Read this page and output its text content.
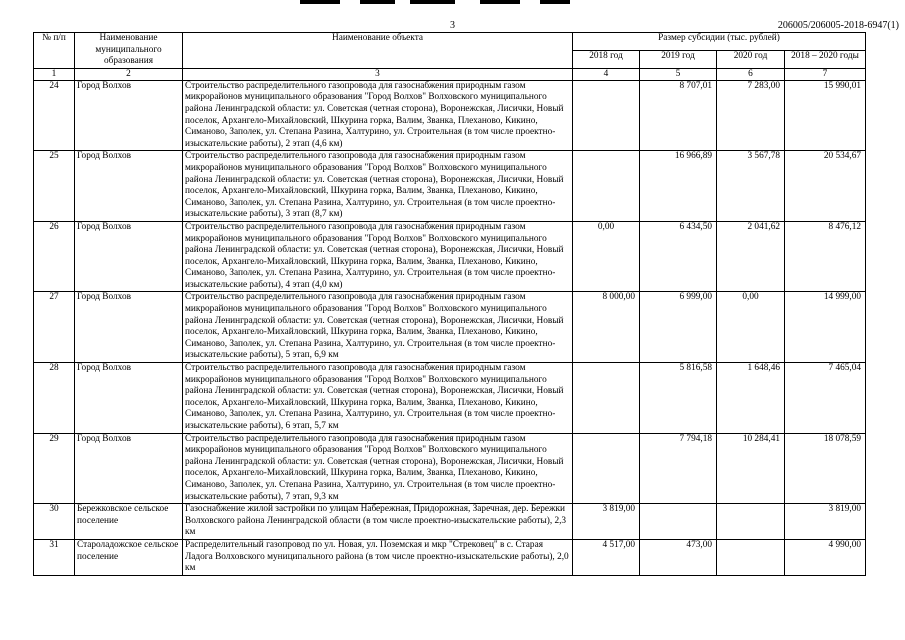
3	206005/206005-2018-6947(1)
№ п/п	Наименование муниципального образования	Наименование объекта	Размер субсидии (тыс. рублей)			
			2018 год	2019 год	2020 год	2018 – 2020 годы
1	2	3	4	5	6	7
24	Город Волхов	Строительство распределительного газопровода для газоснабжения природным газом микрорайонов муниципального образования "Город Волхов" Волховского муниципального района Ленинградской области: ул. Советская (четная сторона), Воронежская, Лисички, Новый поселок, Архангело-Михайловский, Шкурина горка, Валим, Званка, Плеханово, Кикино, Симаново, Заполек, ул. Степана Разина, Халтурино, ул. Строительная (в том числе проектно-изыскательские работы), 2 этап (4,6 км)		8 707,01	7 283,00	15 990,01
25	Город Волхов	Строительство распределительного газопровода для газоснабжения природным газом микрорайонов муниципального образования "Город Волхов" Волховского муниципального района Ленинградской области: ул. Советская (четная сторона), Воронежская, Лисички, Новый поселок, Архангело-Михайловский, Шкурина горка, Валим, Званка, Плеханово, Кикино, Симаново, Заполек, ул. Степана Разина, Халтурино, ул. Строительная (в том числе проектно-изыскательские работы), 3 этап (8,7 км)		16 966,89	3 567,78	20 534,67
26	Город Волхов	Строительство распределительного газопровода для газоснабжения природным газом микрорайонов муниципального образования "Город Волхов" Волховского муниципального района Ленинградской области: ул. Советская (четная сторона), Воронежская, Лисички, Новый поселок, Архангело-Михайловский, Шкурина горка, Валим, Званка, Плеханово, Кикино, Симаново, Заполек, ул. Степана Разина, Халтурино, ул. Строительная (в том числе проектно-изыскательские работы), 4 этап (4,0 км)	0,00	6 434,50	2 041,62	8 476,12
27	Город Волхов	Строительство распределительного газопровода для газоснабжения природным газом микрорайонов муниципального образования "Город Волхов" Волховского муниципального района Ленинградской области: ул. Советская (четная сторона), Воронежская, Лисички, Новый поселок, Архангело-Михайловский, Шкурина горка, Валим, Званка, Плеханово, Кикино, Симаново, Заполек, ул. Степана Разина, Халтурино, ул. Строительная (в том числе проектно-изыскательские работы), 5 этап, 6,9 км	8 000,00	6 999,00	0,00	14 999,00
28	Город Волхов	Строительство распределительного газопровода для газоснабжения природным газом микрорайонов муниципального образования "Город Волхов" Волховского муниципального района Ленинградской области: ул. Советская (четная сторона), Воронежская, Лисички, Новый поселок, Архангело-Михайловский, Шкурина горка, Валим, Званка, Плеханово, Кикино, Симаново, Заполек, ул. Степана Разина, Халтурино, ул. Строительная (в том числе проектно-изыскательские работы), 6 этап, 5,7 км		5 816,58	1 648,46	7 465,04
29	Город Волхов	Строительство распределительного газопровода для газоснабжения природным газом микрорайонов муниципального образования "Город Волхов" Волховского муниципального района Ленинградской области: ул. Советская (четная сторона), Воронежская, Лисички, Новый поселок, Архангело-Михайловский, Шкурина горка, Валим, Званка, Плеханово, Кикино, Симаново, Заполек, ул. Степана Разина, Халтурино, ул. Строительная (в том числе проектно-изыскательские работы), 7 этап, 9,3 км		7 794,18	10 284,41	18 078,59
30	Бережковское сельское поселение	Газоснабжение жилой застройки по улицам Набережная, Придорожная, Заречная, дер. Бережки Волховского района Ленинградской области (в том числе проектно-изыскательские работы), 2,3 км	3 819,00			3 819,00
31	Староладожское сельское поселение	Распределительный газопровод по ул. Новая, ул. Поземская и мкр "Стрековец" в с. Старая Ладога Волховского муниципального района (в том числе проектно-изыскательские работы), 2,0 км	4 517,00	473,00		4 990,00
